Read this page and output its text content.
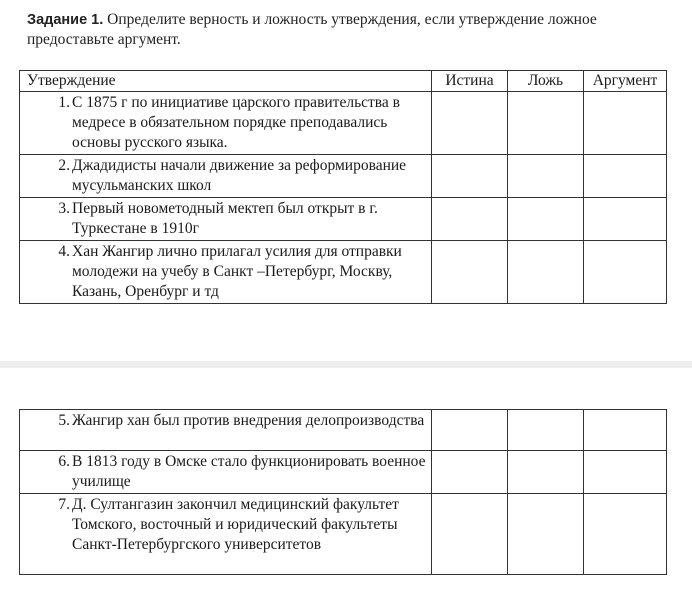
Задание 1. Определите верность и ложность утверждения, если утверждение ложное предоставьте аргумент.
Утверждение	Истина	Ложь	Аргумент

1. С 1875 г по инициативе царского правительства в медресе в обязательном порядке преподавались основы русского языка.			

2. Джадидисты начали движение за реформирование мусульманских школ			

3. Первый новометодный мектеп был открыт в г. Туркестане в 1910г			

4. Хан Жангир лично прилагал усилия для отправки молодежи на учебу в Санкт –Петербург, Москву, Казань, Оренбург и тд			

5. Жангир хан был против внедрения делопроизводства			

6. В 1813 году в Омске стало функционировать военное училище			

7. Д. Султангазин закончил медицинский факультет Томского, восточный и юридический факультеты Санкт-Петербургского университетов			
